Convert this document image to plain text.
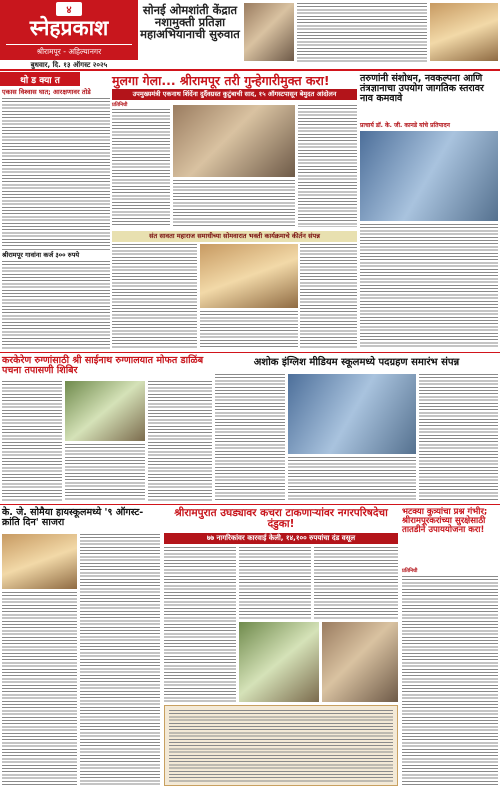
४
स्नेहप्रकाश
श्रीरामपूर - अहिल्यानगर
बुधवार, दि. १३ ऑगस्ट २०२५
सोनई ओमशांती केंद्रात नशामुक्ती प्रतिज्ञा महाअभियानाची सुरुवात
थो ड क्या त
एकास विश्वास घात; आरक्षणावर तोडे
श्रीरामपूर गावांना कर्ज ३०० रुपये
मुलगा गेला... श्रीरामपूर तरी गुन्हेगारीमुक्त करा!
उपमुख्यमंत्री एकनाथ शिंदेंना दुर्दैवग्रस्त कुटुंबाची साद, १५ ऑगस्टपासून बेमुदत आंदोलन
प्रतिनिधी
तरुणांनी संशोधन, नवकल्पना आणि तंत्रज्ञानाचा उपयोग जागतिक स्तरावर नाव कमवावे
प्राचार्य डॉ. के. जी. कानडे यांचे प्रतिपादन
संत सावता महाराज समाधीच्या सोमवारात भक्ती कार्यक्रमाचे कीर्तन संपन्न
करकेरेण रुग्णांसाठी श्री साईनाथ रुग्णालयात मोफत डाळिंब पचना तपासणी शिबिर
अशोक इंग्लिश मीडियम स्कूलमध्ये पदग्रहण समारंभ संपन्न
के. जे. सोमैया हायस्कूलमध्ये '९ ऑगस्ट- क्रांति दिन' साजरा
श्रीरामपुरात उघड्यावर कचरा टाकणाऱ्यांवर नगरपरिषदेचा दंडुका!
७७ नागरिकांवर कारवाई केली, १४,१०० रुपयांचा दंड वसूल
भटक्या कुत्र्यांचा प्रश्न गंभीर; श्रीरामपूरकरांच्या सुरक्षेसाठी तातडीने उपाययोजना करा!
प्रतिनिधी
